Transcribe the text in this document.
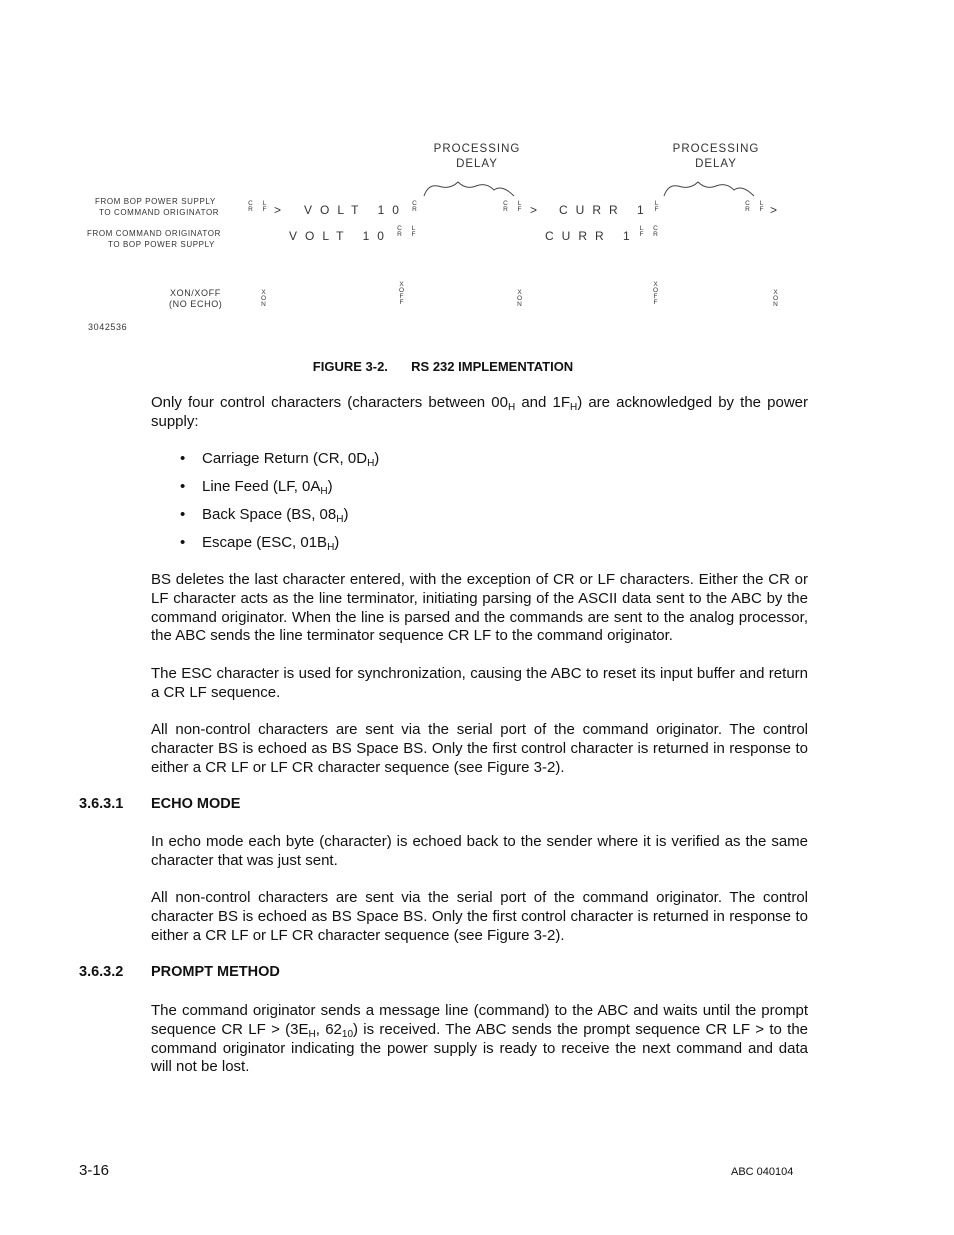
PROCESSING
DELAY
PROCESSING
DELAY
FROM BOP POWER SUPPLY
TO COMMAND ORIGINATOR
FROM COMMAND ORIGINATOR
TO BOP POWER SUPPLY
C
R
L
F > VOLT 10 C
R
C
R
L
F > CURR 1 L
F
C
R
L
F >
VOLT 10
C
R
L
F	CURR 1
L
F
C
R
XON/XOFF
(NO ECHO)
X
O
N
X
O
F
F
X
O
N
X
O
F
F
X
O
N
3042536
FIGURE 3-2. RS 232 IMPLEMENTATION
Only four control characters (characters between $00_H$ and $1F_H$) are acknowledged by the power supply:
• Carriage Return (CR, $0D_H$)
• Line Feed (LF, $0A_H$)
• Back Space (BS, $08_H$)
• Escape (ESC, $01B_H$)
BS deletes the last character entered, with the exception of CR or LF characters. Either the CR or LF character acts as the line terminator, initiating parsing of the ASCII data sent to the ABC by the command originator. When the line is parsed and the commands are sent to the analog processor, the ABC sends the line terminator sequence CR LF to the command originator.
The ESC character is used for synchronization, causing the ABC to reset its input buffer and return a CR LF sequence.
All non-control characters are sent via the serial port of the command originator. The control character BS is echoed as BS Space BS. Only the first control character is returned in response to either a CR LF or LF CR character sequence (see Figure 3-2).
3.6.3.1 ECHO MODE
In echo mode each byte (character) is echoed back to the sender where it is verified as the same character that was just sent.
All non-control characters are sent via the serial port of the command originator. The control character BS is echoed as BS Space BS. Only the first control character is returned in response to either a CR LF or LF CR character sequence (see Figure 3-2).
3.6.3.2 PROMPT METHOD
The command originator sends a message line (command) to the ABC and waits until the prompt sequence CR LF > ($3E_H$, $62_{10}$) is received. The ABC sends the prompt sequence CR LF > to the command originator indicating the power supply is ready to receive the next command and data will not be lost.
3-16	ABC 040104
